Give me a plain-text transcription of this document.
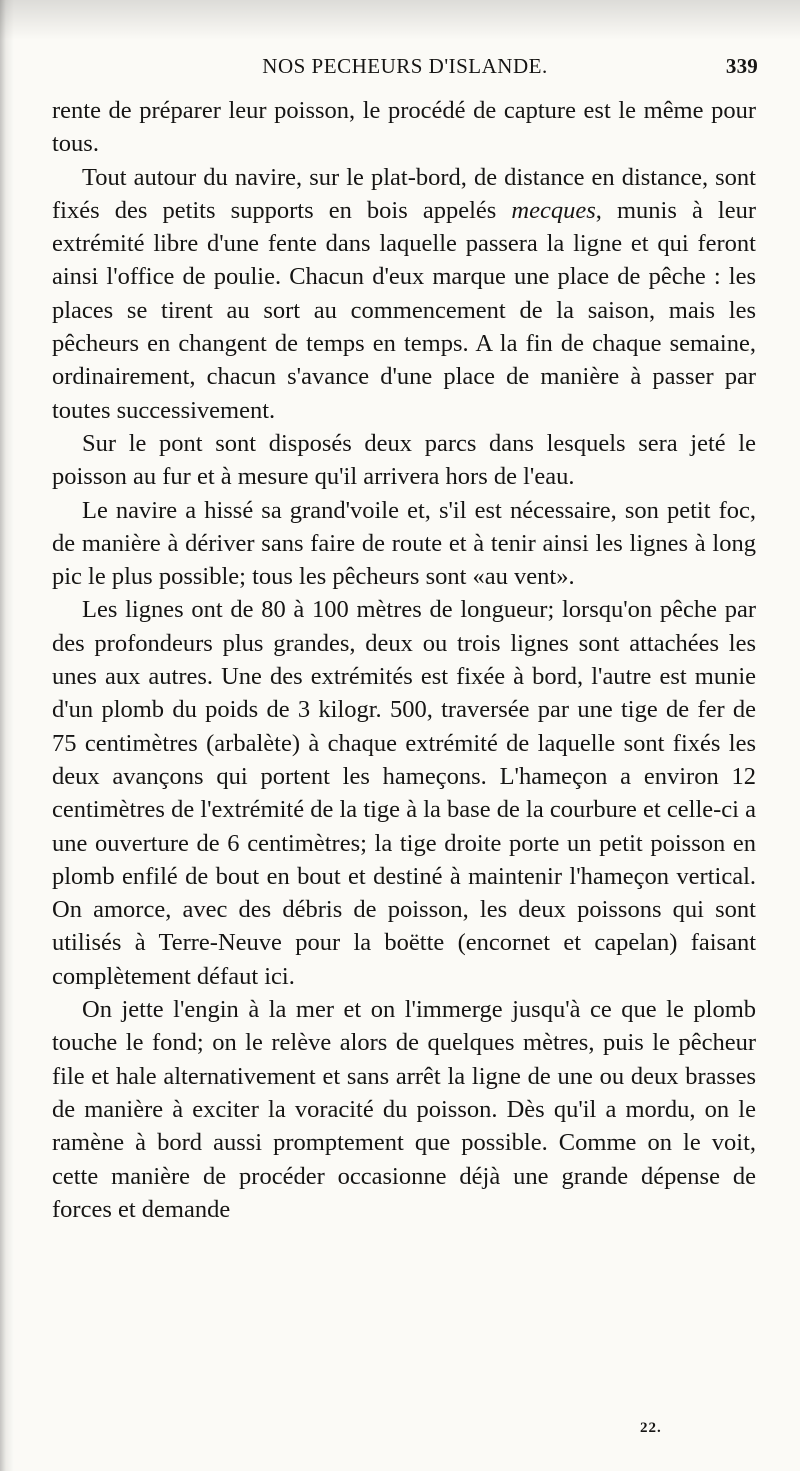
NOS PECHEURS D'ISLANDE.	339

rente de préparer leur poisson, le procédé de capture est le même pour tous.

Tout autour du navire, sur le plat-bord, de distance en distance, sont fixés des petits supports en bois appelés mecques, munis à leur extrémité libre d'une fente dans laquelle passera la ligne et qui feront ainsi l'office de poulie. Chacun d'eux marque une place de pêche : les places se tirent au sort au commencement de la saison, mais les pêcheurs en changent de temps en temps. A la fin de chaque semaine, ordinairement, chacun s'avance d'une place de manière à passer par toutes successivement.

Sur le pont sont disposés deux parcs dans lesquels sera jeté le poisson au fur et à mesure qu'il arrivera hors de l'eau.

Le navire a hissé sa grand'voile et, s'il est nécessaire, son petit foc, de manière à dériver sans faire de route et à tenir ainsi les lignes à long pic le plus possible; tous les pêcheurs sont «au vent».

Les lignes ont de 80 à 100 mètres de longueur; lorsqu'on pêche par des profondeurs plus grandes, deux ou trois lignes sont attachées les unes aux autres. Une des extrémités est fixée à bord, l'autre est munie d'un plomb du poids de 3 kilogr. 500, traversée par une tige de fer de 75 centimètres (arbalète) à chaque extrémité de laquelle sont fixés les deux avançons qui portent les hameçons. L'hameçon a environ 12 centimètres de l'extrémité de la tige à la base de la courbure et celle-ci a une ouverture de 6 centimètres; la tige droite porte un petit poisson en plomb enfilé de bout en bout et destiné à maintenir l'hameçon vertical. On amorce, avec des débris de poisson, les deux poissons qui sont utilisés à Terre-Neuve pour la boëtte (encornet et capelan) faisant complètement défaut ici.

On jette l'engin à la mer et on l'immerge jusqu'à ce que le plomb touche le fond; on le relève alors de quelques mètres, puis le pêcheur file et hale alternativement et sans arrêt la ligne de une ou deux brasses de manière à exciter la voracité du poisson. Dès qu'il a mordu, on le ramène à bord aussi promptement que possible. Comme on le voit, cette manière de procéder occasionne déjà une grande dépense de forces et demande

22.
